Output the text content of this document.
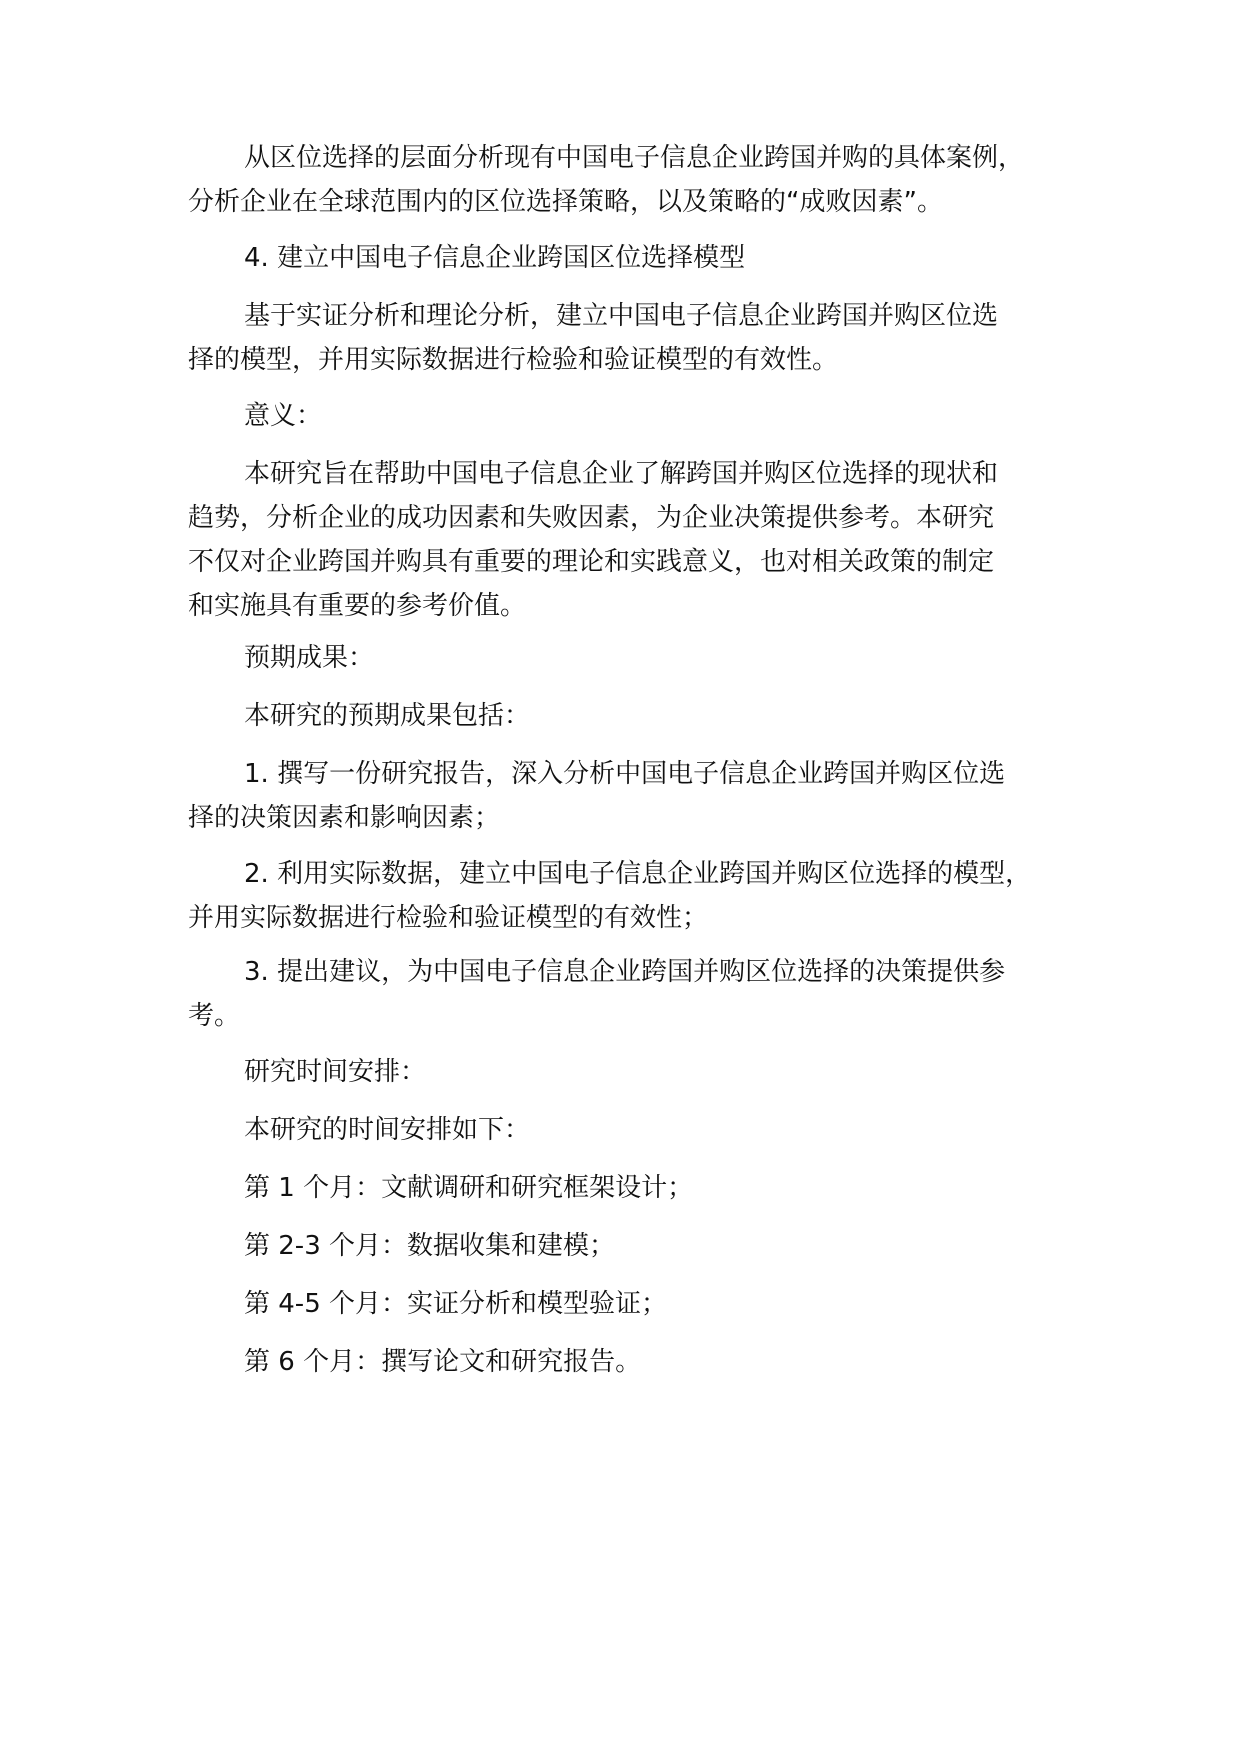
从区位选择的层面分析现有中国电子信息企业跨国并购的具体案例，
分析企业在全球范围内的区位选择策略，以及策略的“成败因素”。
4. 建立中国电子信息企业跨国区位选择模型
基于实证分析和理论分析，建立中国电子信息企业跨国并购区位选
择的模型，并用实际数据进行检验和验证模型的有效性。
意义：
本研究旨在帮助中国电子信息企业了解跨国并购区位选择的现状和
趋势，分析企业的成功因素和失败因素，为企业决策提供参考。本研究
不仅对企业跨国并购具有重要的理论和实践意义，也对相关政策的制定
和实施具有重要的参考价值。
预期成果：
本研究的预期成果包括：
1. 撰写一份研究报告，深入分析中国电子信息企业跨国并购区位选
择的决策因素和影响因素；
2. 利用实际数据，建立中国电子信息企业跨国并购区位选择的模型，
并用实际数据进行检验和验证模型的有效性；
3. 提出建议，为中国电子信息企业跨国并购区位选择的决策提供参
考。
研究时间安排：
本研究的时间安排如下：
第 1 个月：文献调研和研究框架设计；
第 2-3 个月：数据收集和建模；
第 4-5 个月：实证分析和模型验证；
第 6 个月：撰写论文和研究报告。
